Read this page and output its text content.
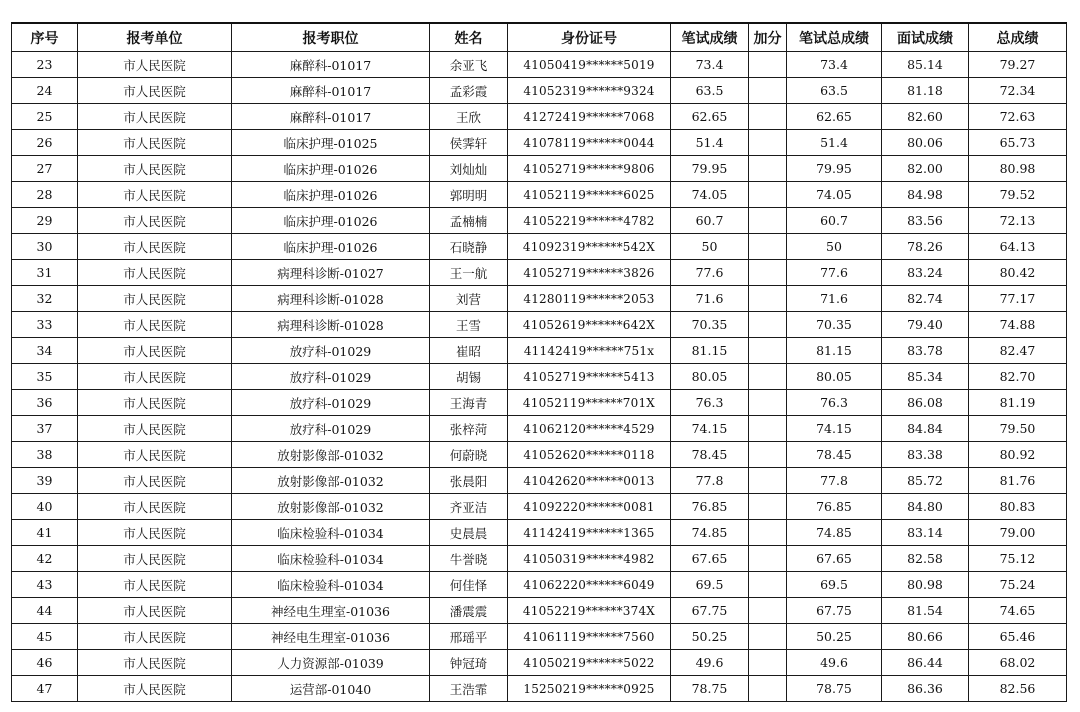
序号	报考单位	报考职位	姓名	身份证号	笔试成绩	加分	笔试总成绩	面试成绩	总成绩
23	市人民医院	麻醉科-01017	余亚飞	41050419******5019	73.4		73.4	85.14	79.27
24	市人民医院	麻醉科-01017	孟彩霞	41052319******9324	63.5		63.5	81.18	72.34
25	市人民医院	麻醉科-01017	王欣	41272419******7068	62.65		62.65	82.60	72.63
26	市人民医院	临床护理-01025	侯霁轩	41078119******0044	51.4		51.4	80.06	65.73
27	市人民医院	临床护理-01026	刘灿灿	41052719******9806	79.95		79.95	82.00	80.98
28	市人民医院	临床护理-01026	郭明明	41052119******6025	74.05		74.05	84.98	79.52
29	市人民医院	临床护理-01026	孟楠楠	41052219******4782	60.7		60.7	83.56	72.13
30	市人民医院	临床护理-01026	石晓静	41092319******542X	50		50	78.26	64.13
31	市人民医院	病理科诊断-01027	王一航	41052719******3826	77.6		77.6	83.24	80.42
32	市人民医院	病理科诊断-01028	刘营	41280119******2053	71.6		71.6	82.74	77.17
33	市人民医院	病理科诊断-01028	王雪	41052619******642X	70.35		70.35	79.40	74.88
34	市人民医院	放疗科-01029	崔昭	41142419******751x	81.15		81.15	83.78	82.47
35	市人民医院	放疗科-01029	胡锡	41052719******5413	80.05		80.05	85.34	82.70
36	市人民医院	放疗科-01029	王海青	41052119******701X	76.3		76.3	86.08	81.19
37	市人民医院	放疗科-01029	张梓菏	41062120******4529	74.15		74.15	84.84	79.50
38	市人民医院	放射影像部-01032	何蔚晓	41052620******0118	78.45		78.45	83.38	80.92
39	市人民医院	放射影像部-01032	张晨阳	41042620******0013	77.8		77.8	85.72	81.76
40	市人民医院	放射影像部-01032	齐亚洁	41092220******0081	76.85		76.85	84.80	80.83
41	市人民医院	临床检验科-01034	史晨晨	41142419******1365	74.85		74.85	83.14	79.00
42	市人民医院	临床检验科-01034	牛誉晓	41050319******4982	67.65		67.65	82.58	75.12
43	市人民医院	临床检验科-01034	何佳怿	41062220******6049	69.5		69.5	80.98	75.24
44	市人民医院	神经电生理室-01036	潘震震	41052219******374X	67.75		67.75	81.54	74.65
45	市人民医院	神经电生理室-01036	邢瑶平	41061119******7560	50.25		50.25	80.66	65.46
46	市人民医院	人力资源部-01039	钟冠琦	41050219******5022	49.6		49.6	86.44	68.02
47	市人民医院	运营部-01040	王浩霏	15250219******0925	78.75		78.75	86.36	82.56
